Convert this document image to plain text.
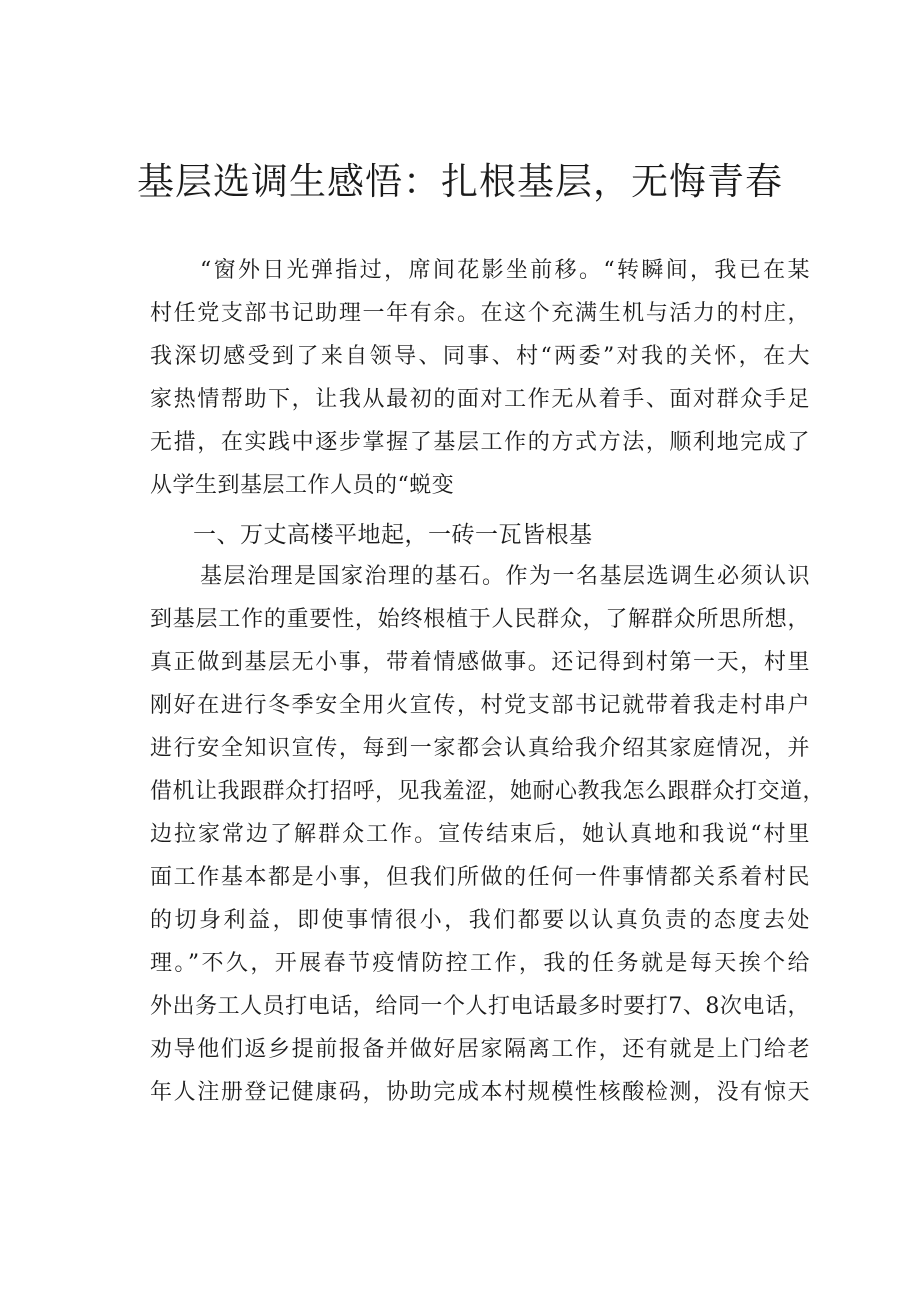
基层选调生感悟：扎根基层，无悔青春
“窗外日光弹指过，席间花影坐前移。“转瞬间，我已在某
村任党支部书记助理一年有余。在这个充满生机与活力的村庄，
我深切感受到了来自领导、同事、村“两委”对我的关怀，在大
家热情帮助下，让我从最初的面对工作无从着手、面对群众手足
无措，在实践中逐步掌握了基层工作的方式方法，顺利地完成了
从学生到基层工作人员的“蜕变
一、万丈高楼平地起，一砖一瓦皆根基
基层治理是国家治理的基石。作为一名基层选调生必须认识
到基层工作的重要性，始终根植于人民群众，了解群众所思所想，
真正做到基层无小事，带着情感做事。还记得到村第一天，村里
刚好在进行冬季安全用火宣传，村党支部书记就带着我走村串户
进行安全知识宣传，每到一家都会认真给我介绍其家庭情况，并
借机让我跟群众打招呼，见我羞涩，她耐心教我怎么跟群众打交道，
边拉家常边了解群众工作。宣传结束后，她认真地和我说“村里
面工作基本都是小事，但我们所做的任何一件事情都关系着村民
的切身利益，即使事情很小，我们都要以认真负责的态度去处
理。”不久，开展春节疫情防控工作，我的任务就是每天挨个给
外出务工人员打电话，给同一个人打电话最多时要打7、8次电话，
劝导他们返乡提前报备并做好居家隔离工作，还有就是上门给老
年人注册登记健康码，协助完成本村规模性核酸检测，没有惊天
